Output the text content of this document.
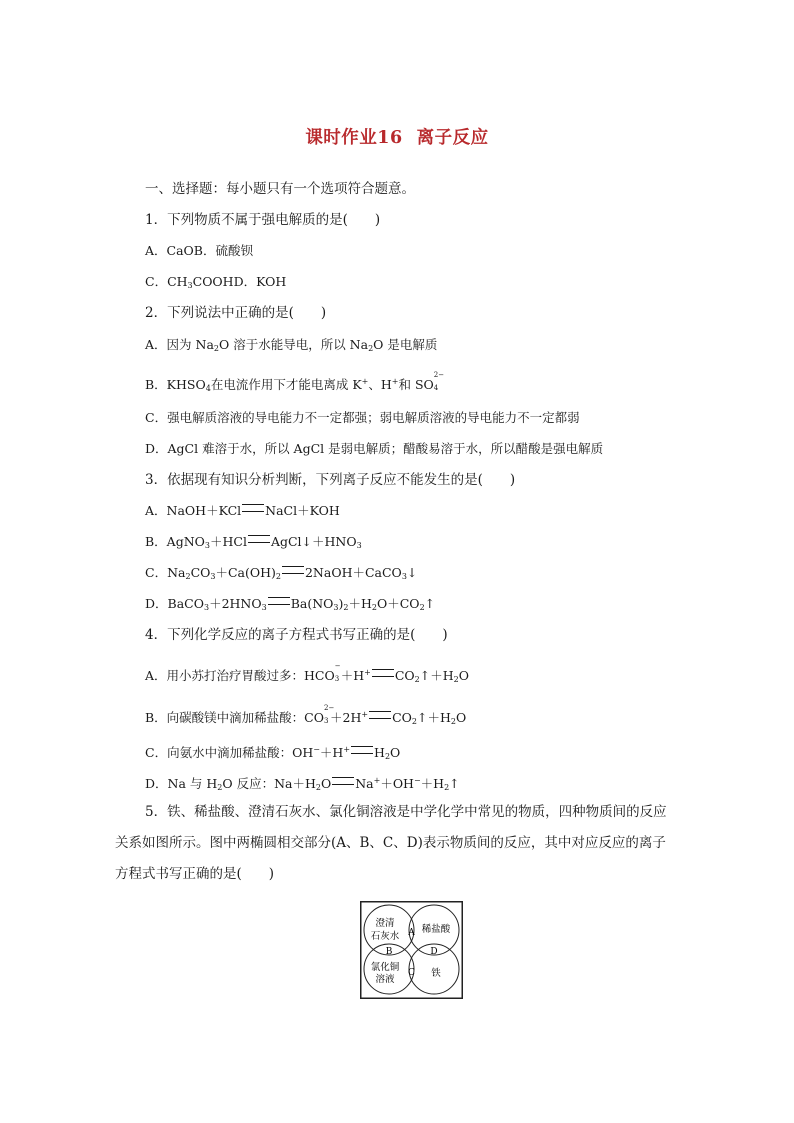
课时作业16 离子反应
一、选择题：每小题只有一个选项符合题意。
1．下列物质不属于强电解质的是(　　)
A．CaOB．硫酸钡
C．$CH_3COOHD$．KOH
2．下列说法中正确的是(　　)
A．因为 $Na_2O$ 溶于水能导电，所以 $Na_2O$ 是电解质
B．$KHSO_4$在电流作用下才能电离成 K+、H+和 SO
2−
4
C．强电解质溶液的导电能力不一定都强；弱电解质溶液的导电能力不一定都弱
D．AgCl 难溶于水，所以 AgCl 是弱电解质；醋酸易溶于水，所以醋酸是强电解质
3．依据现有知识分析判断，下列离子反应不能发生的是(　　)
A．NaOH＋KCl NaCl＋KOH
B．AgNO$_3$＋HCl $AgCl↓+HNO_3$
C．$Na_2CO_3+Ca(OH)_2$ 2NaOH＋CaCO$_3$↓
D．$BaCO_3+2HNO_3$ $Ba(NO_3)_2+H_2O+CO_2↑$
4．下列化学反应的离子方程式书写正确的是(　　)
A．用小苏打治疗胃酸过多：HCO
−
3 ＋H+ $CO_2↑+H_2O$
B．向碳酸镁中滴加稀盐酸：CO
2−
3 ＋2H+ $CO_2↑+H_2O$
C．向氨水中滴加稀盐酸：OH−＋H+ $H_2O$
D．Na 与 $H_2O$ 反应：$Na+H_2O$ $Na^++OH^-+H_2↑$
5．铁、稀盐酸、澄清石灰水、氯化铜溶液是中学化学中常见的物质，四种物质间的反应
关系如图所示。图中两椭圆相交部分(A、B、C、D)表示物质间的反应，其中对应反应的离子
方程式书写正确的是(　　)
澄清
石灰水
稀盐酸
氯化铜
溶液
铁
A
B
C
D
